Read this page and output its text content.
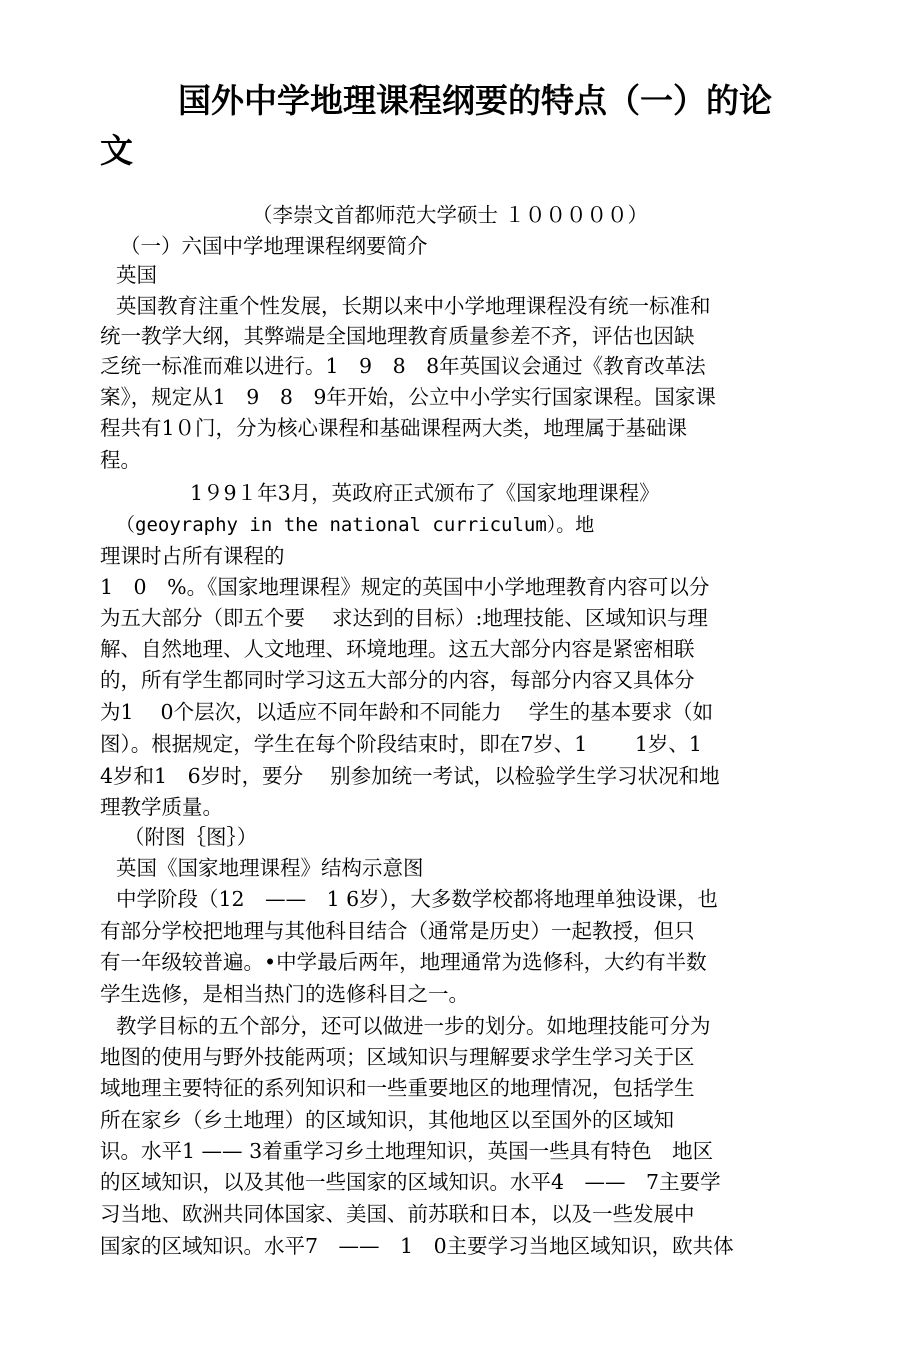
国外中学地理课程纲要的特点（一）的论
文
（李崇文首都师范大学硕士 １０００００）
（一）六国中学地理课程纲要简介
英国
英国教育注重个性发展，长期以来中小学地理课程没有统一标准和
统一教学大纲，其弊端是全国地理教育质量参差不齐，评估也因缺
乏统一标准而难以进行。1　9　8　8年英国议会通过《教育改革法
案》，规定从1　9　8　9年开始，公立中小学实行国家课程。国家课
程共有1０门，分为核心课程和基础课程两大类，地理属于基础课
程。
1９9１年3月，英政府正式颁布了《国家地理课程》
（geoyraphy in the national curriculum）。地
理课时占所有课程的
1　0　%。《国家地理课程》规定的英国中小学地理教育内容可以分
为五大部分（即五个要　 求达到的目标）:地理技能、区域知识与理
解、自然地理、人文地理、环境地理。这五大部分内容是紧密相联
的，所有学生都同时学习这五大部分的内容，每部分内容又具体分
为1　 0个层次，以适应不同年龄和不同能力　 学生的基本要求（如
图）。根据规定，学生在每个阶段结束时，即在7岁、1　　 1岁、1
4岁和1　6岁时，要分　 别参加统一考试，以检验学生学习状况和地
理教学质量。
（附图｛图｝）
英国《国家地理课程》结构示意图
中学阶段（12　——　1 6岁），大多数学校都将地理单独设课，也
有部分学校把地理与其他科目结合（通常是历史）一起教授，但只
有一年级较普遍。•中学最后两年，地理通常为选修科，大约有半数
学生选修，是相当热门的选修科目之一。
教学目标的五个部分，还可以做进一步的划分。如地理技能可分为
地图的使用与野外技能两项；区域知识与理解要求学生学习关于区
域地理主要特征的系列知识和一些重要地区的地理情况，包括学生
所在家乡（乡土地理）的区域知识，其他地区以至国外的区域知
识。水平1 —— 3着重学习乡土地理知识，英国一些具有特色　地区
的区域知识，以及其他一些国家的区域知识。水平4　——　7主要学
习当地、欧洲共同体国家、美国、前苏联和日本，以及一些发展中
国家的区域知识。水平7　——　1　0主要学习当地区域知识，欧共体
